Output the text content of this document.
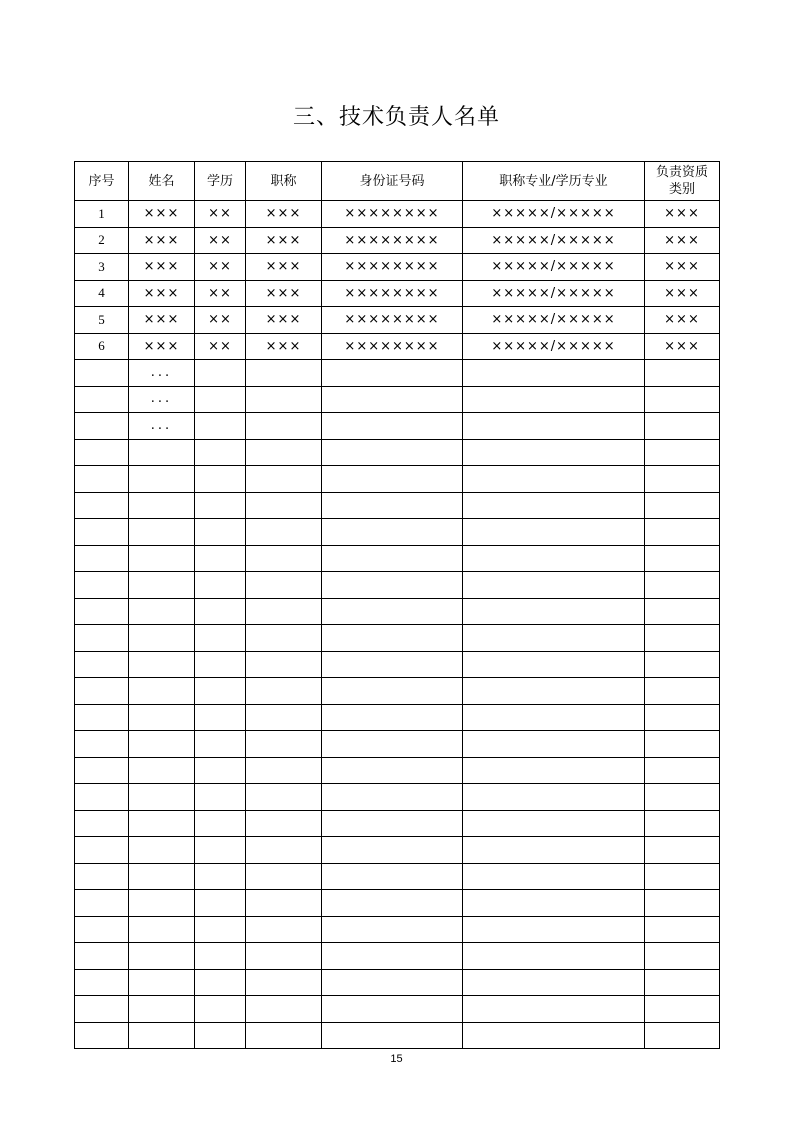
三、技术负责人名单
序号	姓名	学历	职称	身份证号码	职称专业/学历专业	负责资质类别
1	×××	××	×××	××××××××	×××××/×××××	×××
2	×××	××	×××	××××××××	×××××/×××××	×××
3	×××	××	×××	××××××××	×××××/×××××	×××
4	×××	××	×××	××××××××	×××××/×××××	×××
5	×××	××	×××	××××××××	×××××/×××××	×××
6	×××	××	×××	××××××××	×××××/×××××	×××
	...					
	...					
	...					

15
